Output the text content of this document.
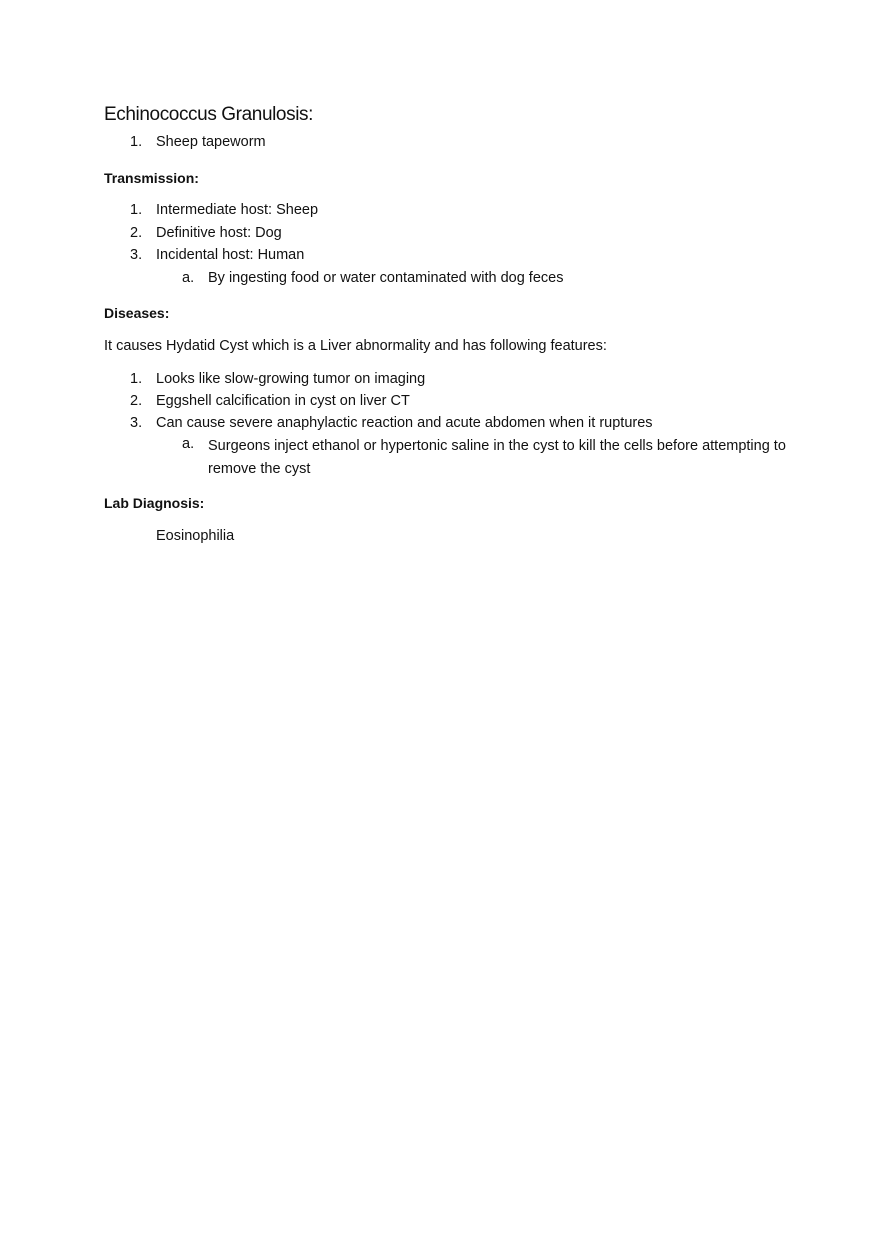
Echinococcus Granulosis:
1. Sheep tapeworm
Transmission:
1. Intermediate host: Sheep
2. Definitive host: Dog
3. Incidental host: Human
a. By ingesting food or water contaminated with dog feces
Diseases:

It causes Hydatid Cyst which is a Liver abnormality and has following features:

1. Looks like slow-growing tumor on imaging
2. Eggshell calcification in cyst on liver CT
3. Can cause severe anaphylactic reaction and acute abdomen when it ruptures
a. Surgeons inject ethanol or hypertonic saline in the cyst to kill the cells before attempting to remove the cyst
Lab Diagnosis:
Eosinophilia
